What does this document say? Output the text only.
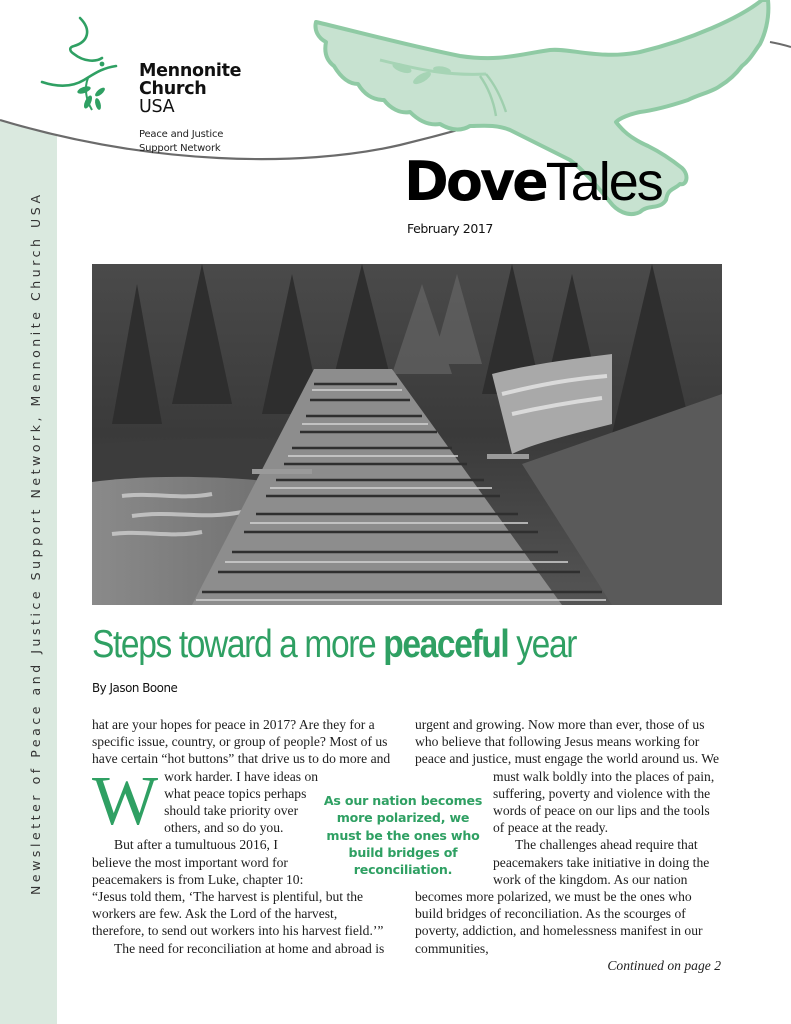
Newsletter of Peace and Justice Support Network, Mennonite Church USA
Mennonite
Church
USA
Peace and Justice
Support Network
DoveTales
February 2017
Steps toward a more peaceful year
By Jason Boone
W

hat are your hopes for peace in 2017? Are they for a specific issue, country, or group of people? Most of us have certain “hot buttons” that drive us to do more and work harder. I have ideas on what peace topics perhaps should take priority over others, and so do you.

But after a tumultuous 2016, I believe the most important word for peacemakers is from Luke, chapter 10: “Jesus told them, ‘The harvest is plentiful, but the workers are few. Ask the Lord of the harvest, therefore, to send out workers into his harvest field.’”

The need for reconciliation at home and abroad is

As our nation becomes more polarized, we must be the ones who build bridges of reconciliation.

urgent and growing. Now more than ever, those of us who believe that following Jesus means working for peace and justice, must engage the world around us. We must walk boldly into the places of pain, suffering, poverty and violence with the words of peace on our lips and the tools of peace at the ready.

The challenges ahead require that peacemakers take initiative in doing the work of the kingdom. As our nation becomes more polarized, we must be the ones who build bridges of reconciliation. As the scourges of poverty, addiction, and homelessness manifest in our communities,

Continued on page 2
